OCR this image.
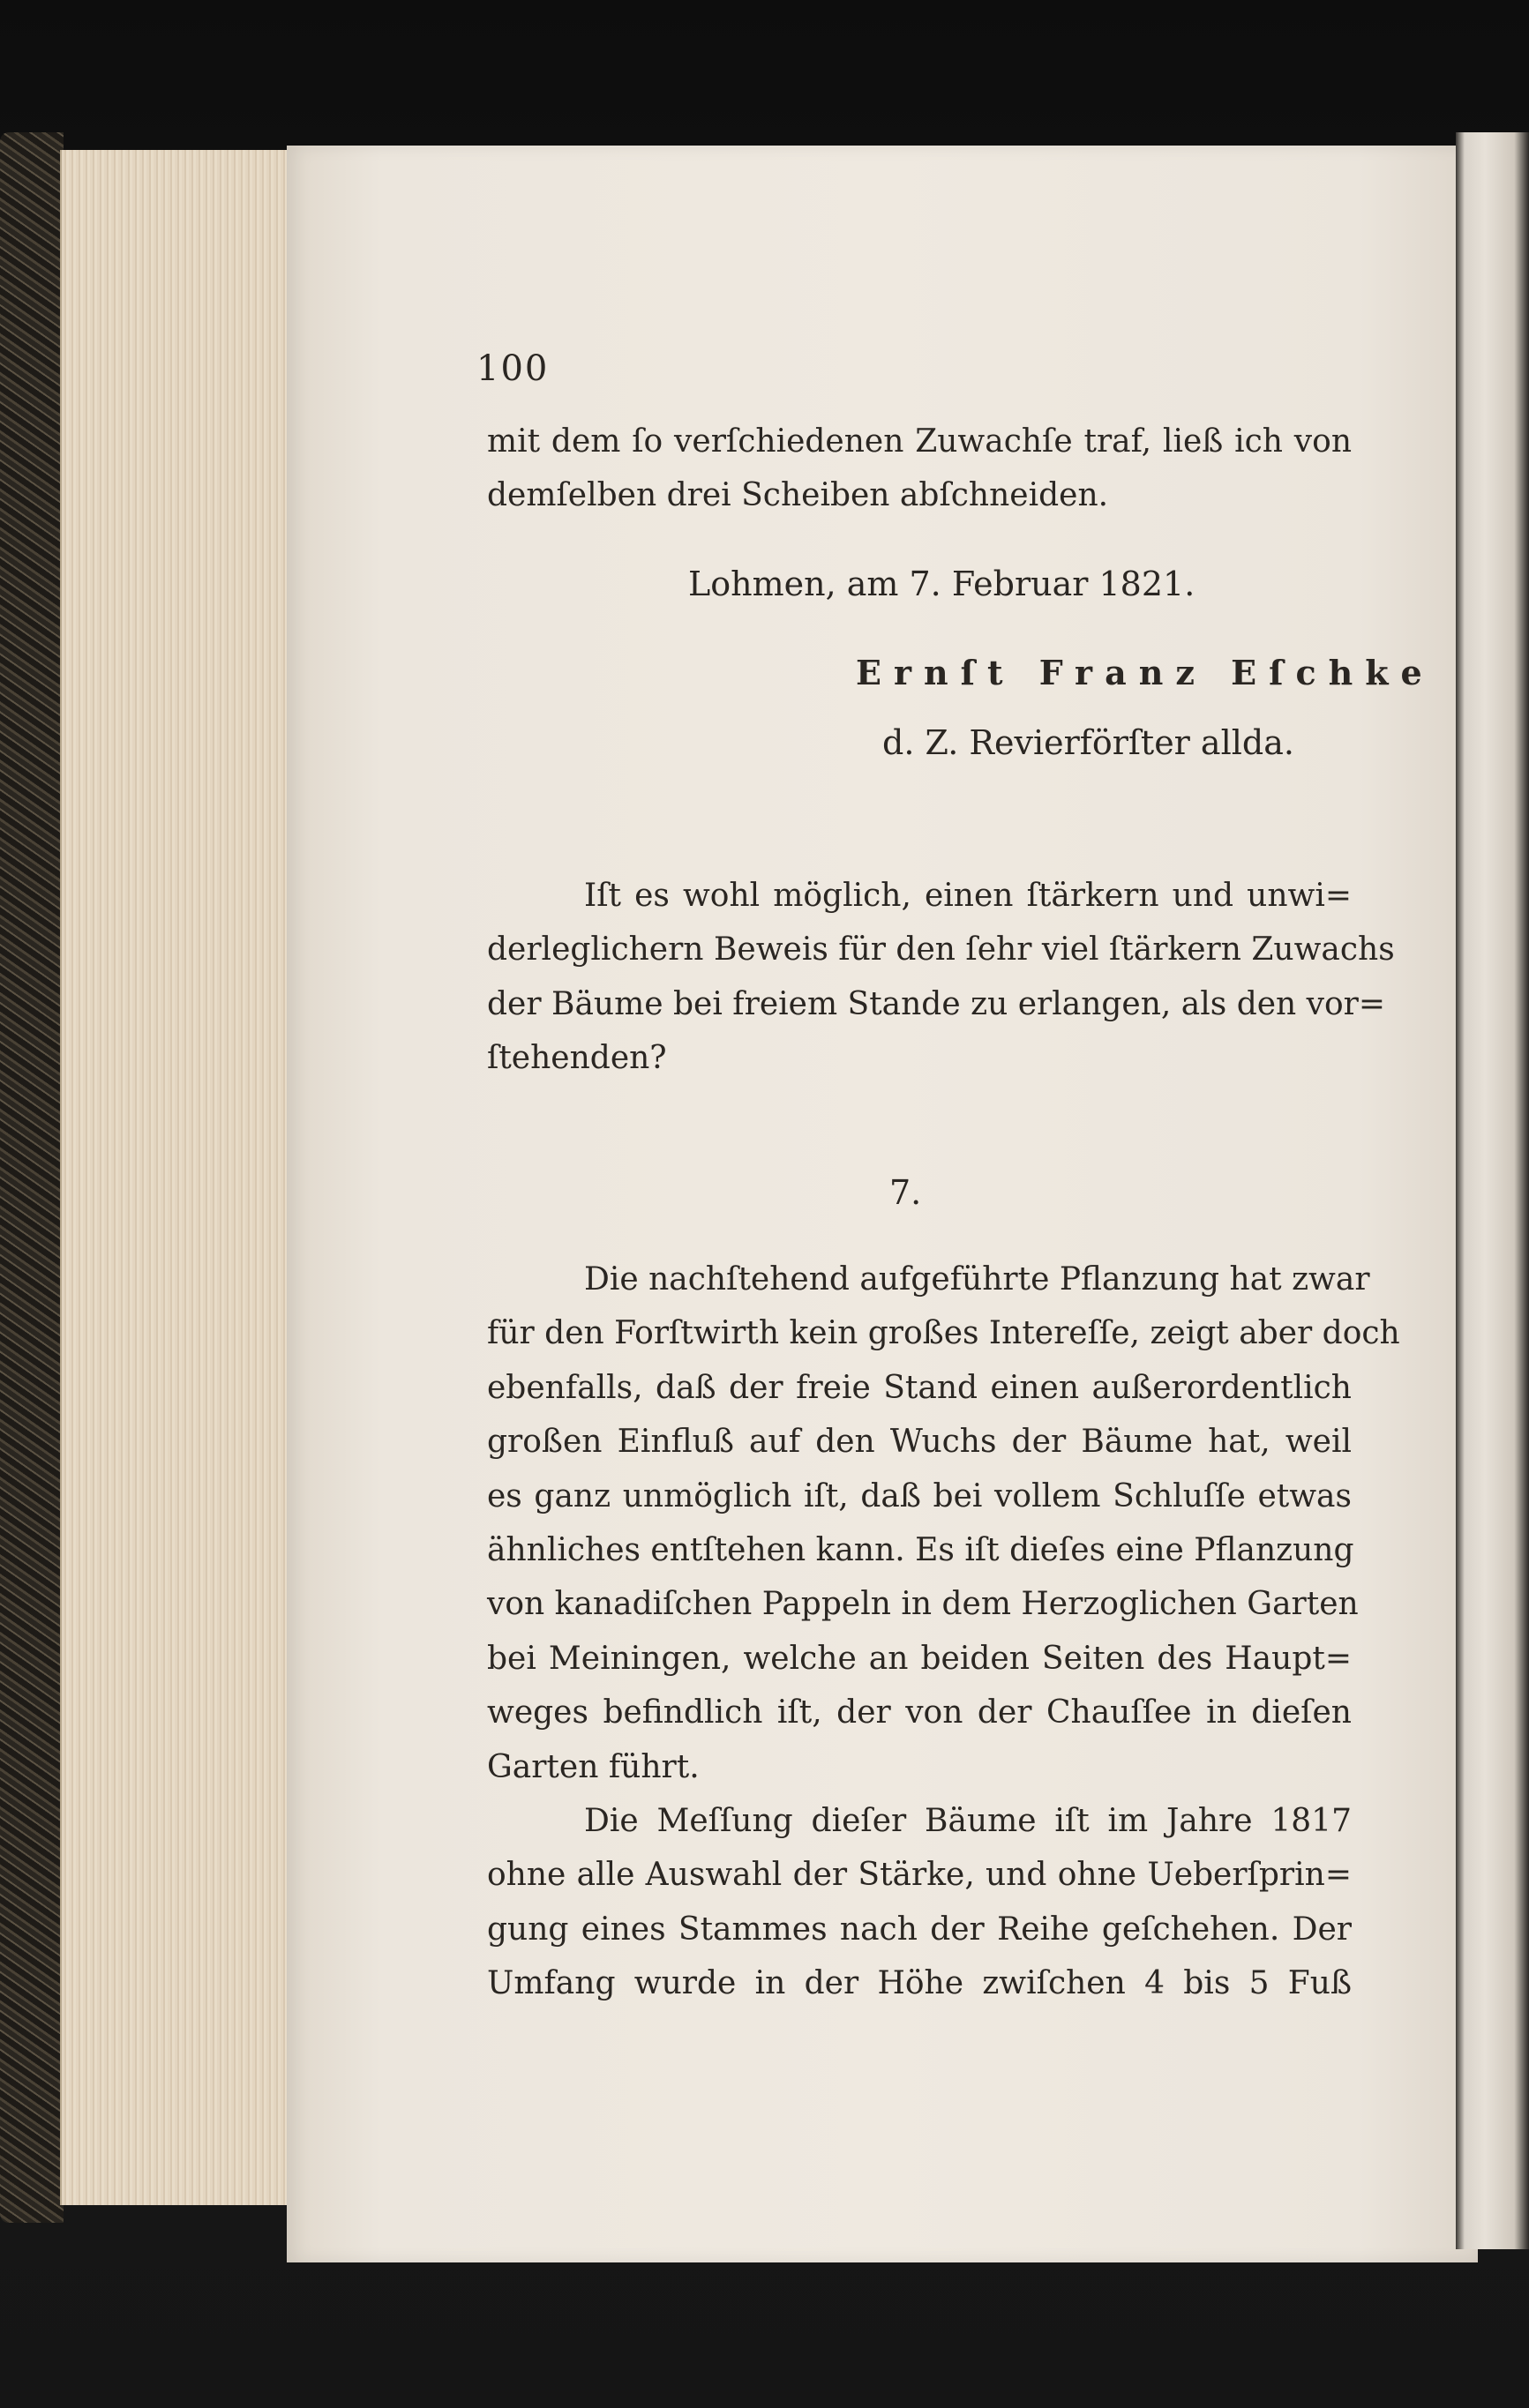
100
mit dem ſo verſchiedenen Zuwachſe traf, ließ ich von
demſelben drei Scheiben abſchneiden.
Lohmen, am 7. Februar 1821.
Ernſt Franz Eſchke
d. Z. Revierförſter allda.
Iſt es wohl möglich, einen ſtärkern und unwi=
derleglichern Beweis für den ſehr viel ſtärkern Zuwachs
der Bäume bei freiem Stande zu erlangen, als den vor=
ſtehenden?
7.
Die nachſtehend aufgeführte Pflanzung hat zwar
für den Forſtwirth kein großes Intereſſe, zeigt aber doch
ebenfalls, daß der freie Stand einen außerordentlich
großen Einfluß auf den Wuchs der Bäume hat, weil
es ganz unmöglich iſt, daß bei vollem Schluſſe etwas
ähnliches entſtehen kann. Es iſt dieſes eine Pflanzung
von kanadiſchen Pappeln in dem Herzoglichen Garten
bei Meiningen, welche an beiden Seiten des Haupt=
weges befindlich iſt, der von der Chauſſee in dieſen
Garten führt.
Die Meſſung dieſer Bäume iſt im Jahre 1817
ohne alle Auswahl der Stärke, und ohne Ueberſprin=
gung eines Stammes nach der Reihe geſchehen. Der
Umfang wurde in der Höhe zwiſchen 4 bis 5 Fuß
